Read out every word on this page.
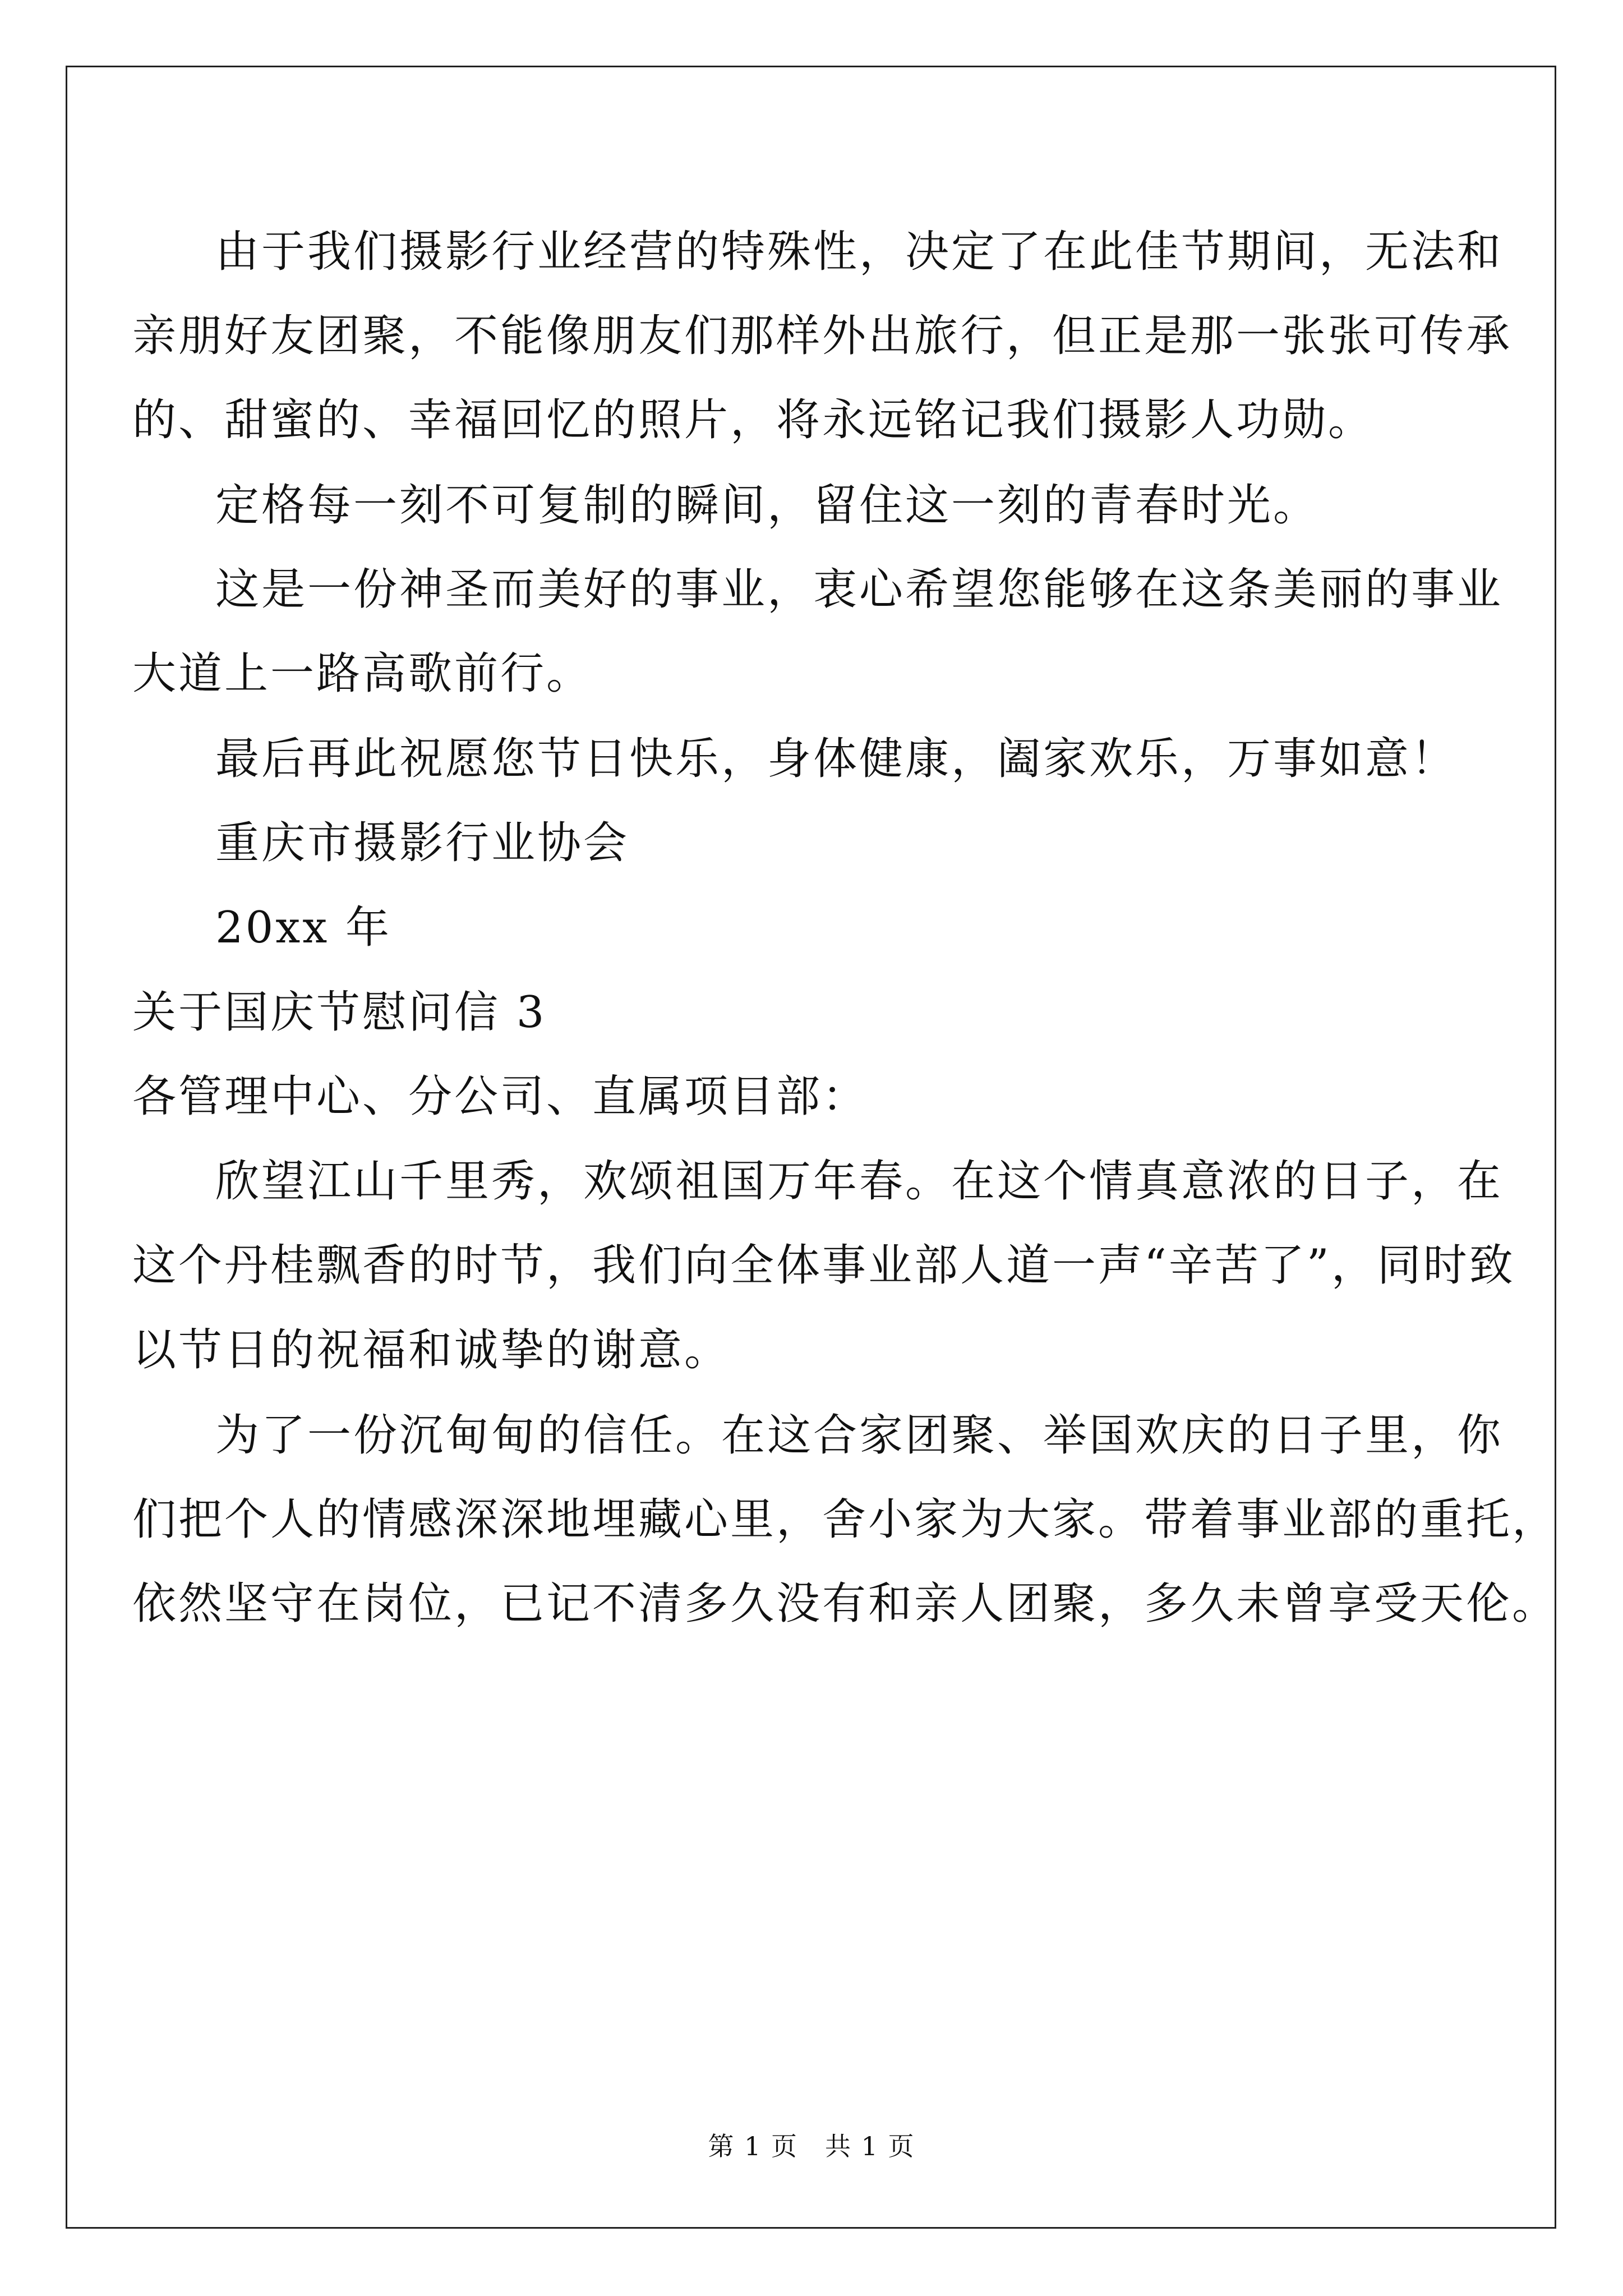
由于我们摄影行业经营的特殊性，决定了在此佳节期间，无法和
亲朋好友团聚，不能像朋友们那样外出旅行，但正是那一张张可传承
的、甜蜜的、幸福回忆的照片，将永远铭记我们摄影人功勋。
定格每一刻不可复制的瞬间，留住这一刻的青春时光。
这是一份神圣而美好的事业，衷心希望您能够在这条美丽的事业
大道上一路高歌前行。
最后再此祝愿您节日快乐，身体健康，阖家欢乐，万事如意！
重庆市摄影行业协会
20xx 年
关于国庆节慰问信 3
各管理中心、分公司、直属项目部：
欣望江山千里秀，欢颂祖国万年春。在这个情真意浓的日子，在
这个丹桂飘香的时节，我们向全体事业部人道一声“辛苦了”，同时致
以节日的祝福和诚挚的谢意。
为了一份沉甸甸的信任。在这合家团聚、举国欢庆的日子里，你
们把个人的情感深深地埋藏心里，舍小家为大家。带着事业部的重托，
依然坚守在岗位，已记不清多久没有和亲人团聚，多久未曾享受天伦。
第 1 页　共 1 页
